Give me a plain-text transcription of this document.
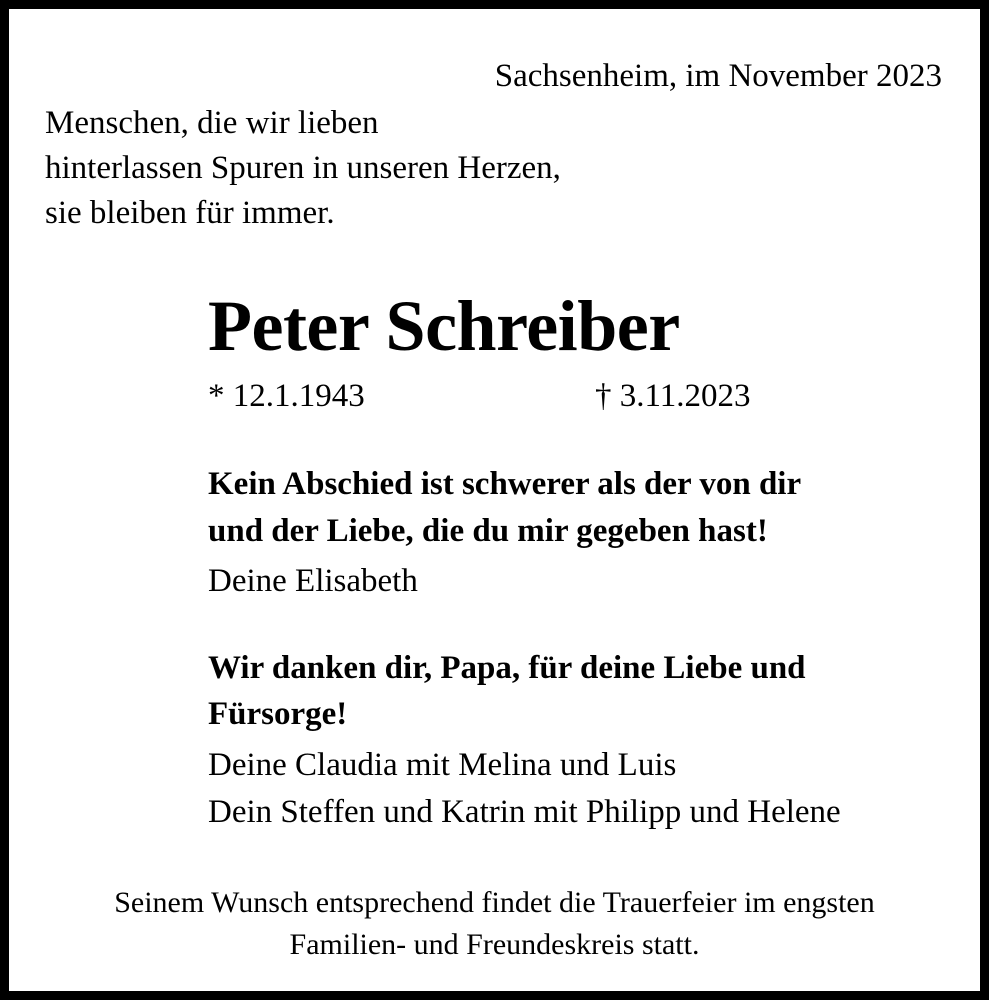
Sachsenheim, im November 2023
Menschen, die wir lieben
hinterlassen Spuren in unseren Herzen,
sie bleiben für immer.
Peter Schreiber
* 12.1.1943	† 3.11.2023
Kein Abschied ist schwerer als der von dir
und der Liebe, die du mir gegeben hast!
Deine Elisabeth
Wir danken dir, Papa, für deine Liebe und
Fürsorge!
Deine Claudia mit Melina und Luis
Dein Steffen und Katrin mit Philipp und Helene
Seinem Wunsch entsprechend findet die Trauerfeier im engsten
Familien- und Freundeskreis statt.
